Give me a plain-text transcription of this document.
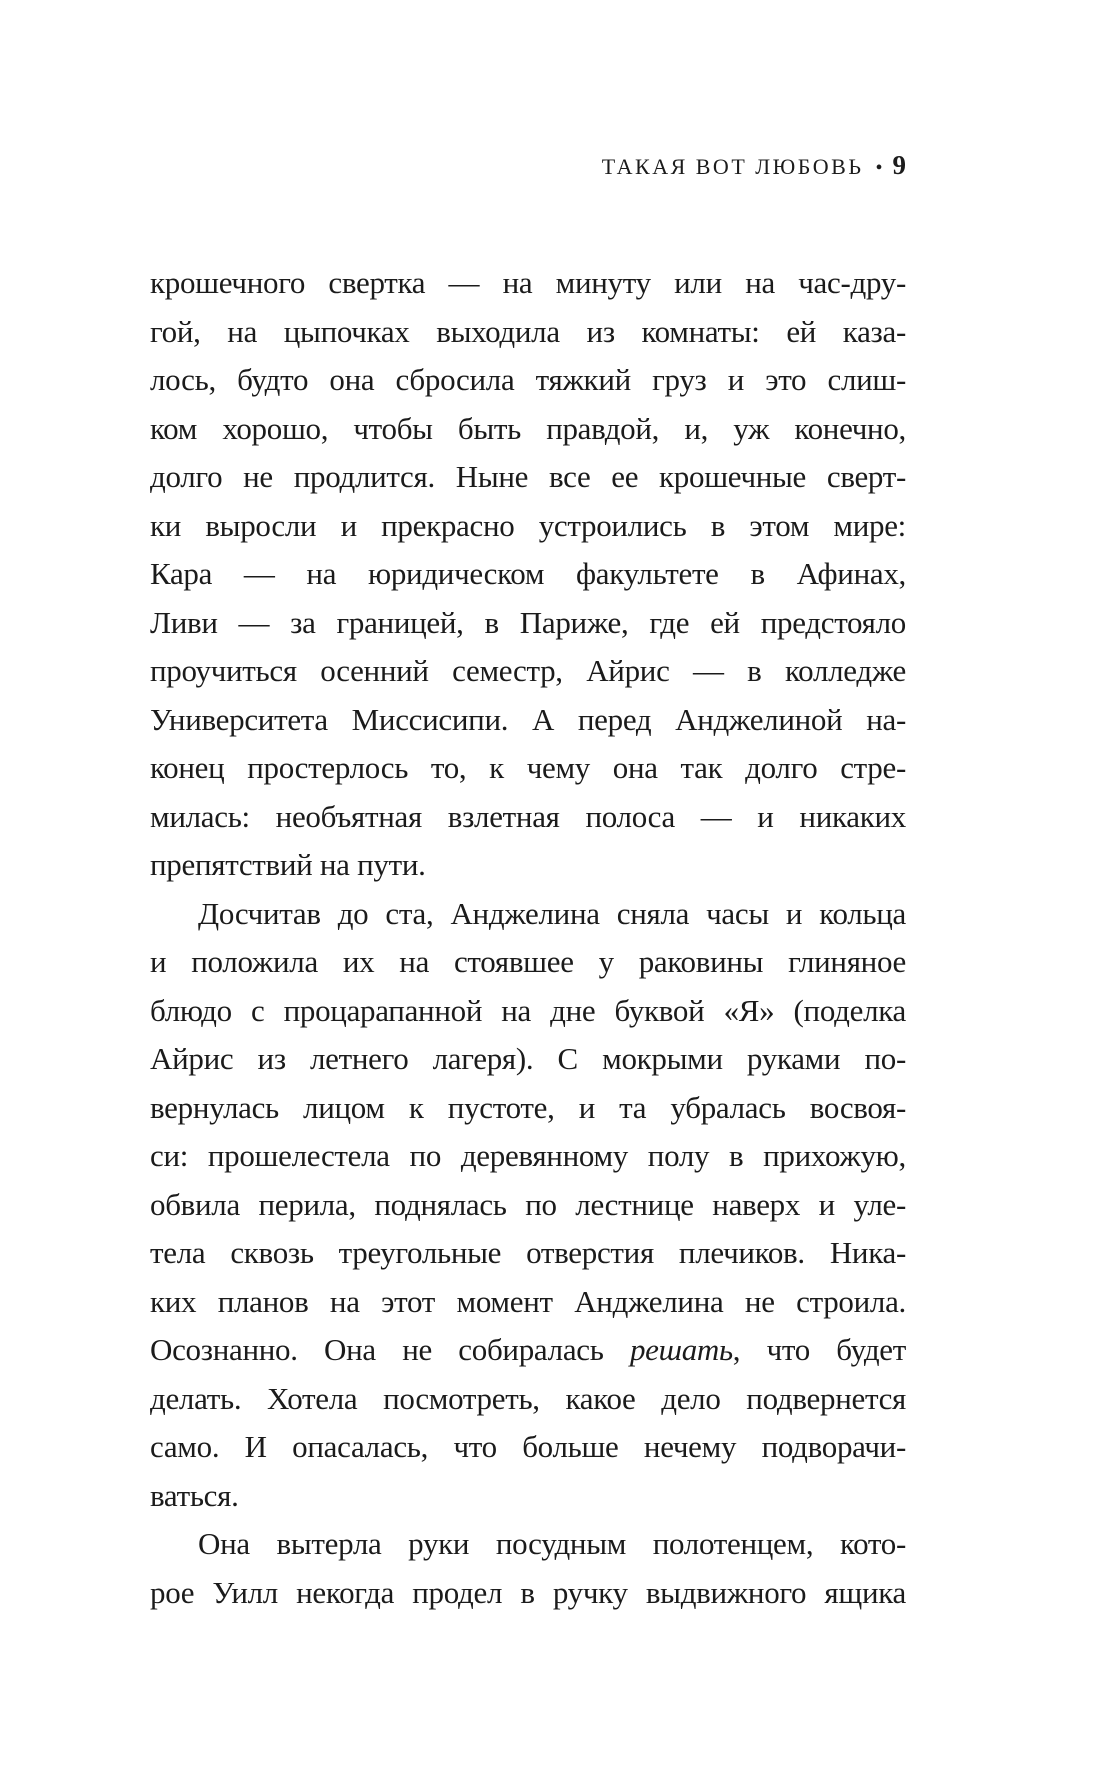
ТАКАЯ ВОТ ЛЮБОВЬ • 9
крошечного свертка — на минуту или на час-дру-
гой, на цыпочках выходила из комнаты: ей каза-
лось, будто она сбросила тяжкий груз и это слиш-
ком хорошо, чтобы быть правдой, и, уж конечно,
долго не продлится. Ныне все ее крошечные сверт-
ки выросли и прекрасно устроились в этом мире:
Кара — на юридическом факультете в Афинах,
Ливи — за границей, в Париже, где ей предстояло
проучиться осенний семестр, Айрис — в колледже
Университета Миссисипи. А перед Анджелиной на-
конец простерлось то, к чему она так долго стре-
милась: необъятная взлетная полоса — и никаких
препятствий на пути.
Досчитав до ста, Анджелина сняла часы и кольца
и положила их на стоявшее у раковины глиняное
блюдо с процарапанной на дне буквой «Я» (поделка
Айрис из летнего лагеря). С мокрыми руками по-
вернулась лицом к пустоте, и та убралась восвоя-
си: прошелестела по деревянному полу в прихожую,
обвила перила, поднялась по лестнице наверх и уле-
тела сквозь треугольные отверстия плечиков. Ника-
ких планов на этот момент Анджелина не строила.
Осознанно. Она не собиралась решать, что будет
делать. Хотела посмотреть, какое дело подвернется
само. И опасалась, что больше нечему подворачи-
ваться.
Она вытерла руки посудным полотенцем, кото-
рое Уилл некогда продел в ручку выдвижного ящика
